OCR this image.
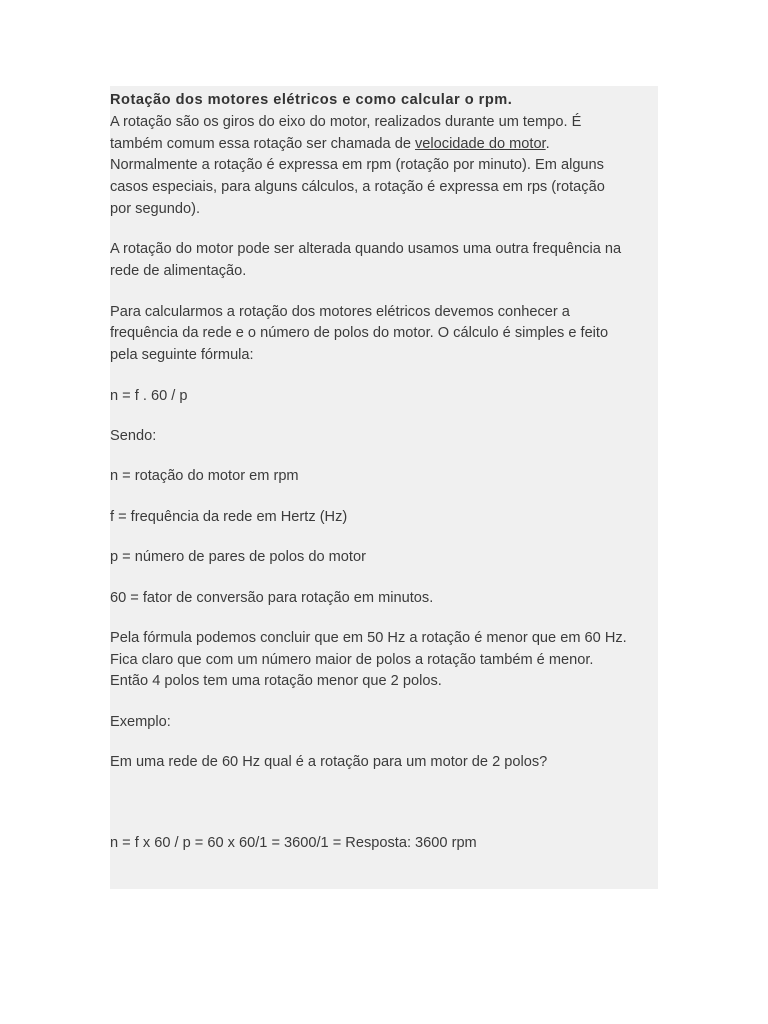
Rotação dos motores elétricos e como calcular o rpm.
A rotação são os giros do eixo do motor, realizados durante um tempo. É
também comum essa rotação ser chamada de velocidade do motor.
Normalmente a rotação é expressa em rpm (rotação por minuto). Em alguns
casos especiais, para alguns cálculos, a rotação é expressa em rps (rotação
por segundo).

A rotação do motor pode ser alterada quando usamos uma outra frequência na
rede de alimentação.

Para calcularmos a rotação dos motores elétricos devemos conhecer a
frequência da rede e o número de polos do motor. O cálculo é simples e feito
pela seguinte fórmula:

n = f . 60 / p

Sendo:

n = rotação do motor em rpm

f = frequência da rede em Hertz (Hz)

p = número de pares de polos do motor

60 = fator de conversão para rotação em minutos.

Pela fórmula podemos concluir que em 50 Hz a rotação é menor que em 60 Hz.
Fica claro que com um número maior de polos a rotação também é menor.
Então 4 polos tem uma rotação menor que 2 polos.

Exemplo:

Em uma rede de 60 Hz qual é a rotação para um motor de 2 polos?

n = f x 60 / p = 60 x 60/1 = 3600/1 = Resposta: 3600 rpm
